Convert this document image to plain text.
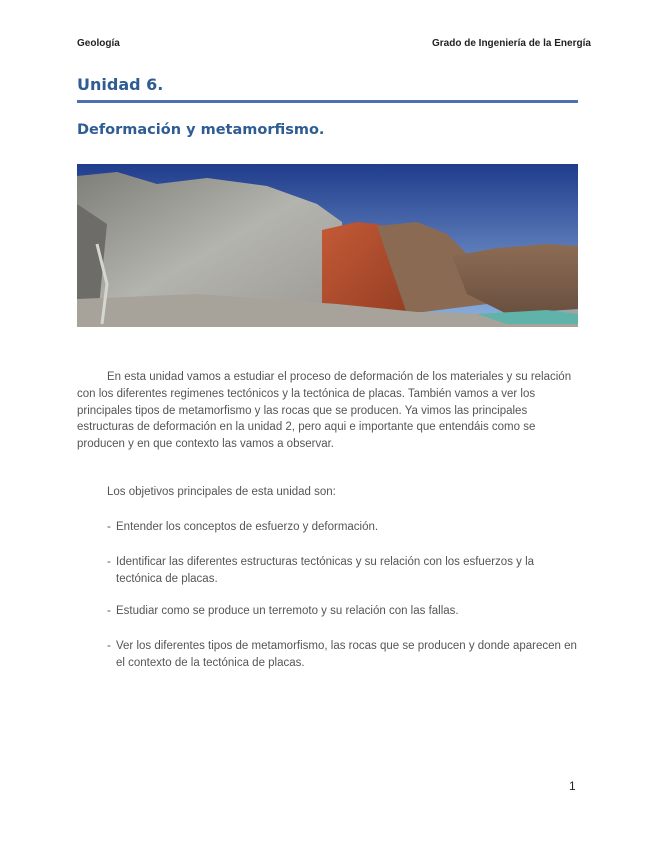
Geología	Grado de Ingeniería de la Energía
Unidad 6.
Deformación y metamorfismo.
En esta unidad vamos a estudiar el proceso de deformación de los materiales y su relación con los diferentes regimenes tectónicos y la tectónica de placas. También vamos a ver los principales tipos de metamorfismo y las rocas que se producen. Ya vimos las principales estructuras de deformación en la unidad 2, pero aqui e importante que entendáis como se producen y en que contexto las vamos a observar.
Los objetivos principales de esta unidad son:
- Entender los conceptos de esfuerzo y deformación.
- Identificar las diferentes estructuras tectónicas y su relación con los esfuerzos y la tectónica de placas.
- Estudiar como se produce un terremoto y su relación con las fallas.
- Ver los diferentes tipos de metamorfismo, las rocas que se producen y donde aparecen en el contexto de la tectónica de placas.
1
